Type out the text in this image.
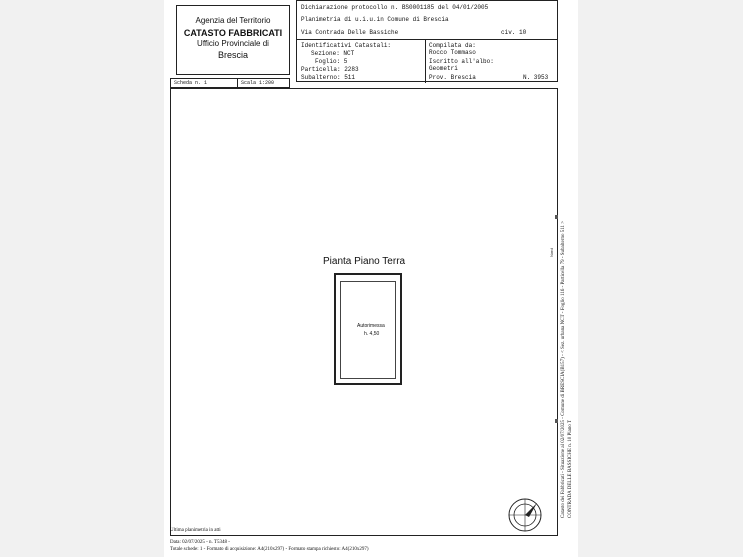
Agenzia del Territorio
CATASTO FABBRICATI
Ufficio Provinciale di
Brescia
Dichiarazione protocollo n. BS0001185 del 04/01/2005
Planimetria di u.i.u.in Comune di Brescia
Via Contrada Delle Bassiche	civ. 10
Identificativi Catastali:
Sezione: NCT
Foglio: 5
Particella: 2283
Subalterno: 511
Compilata da:
Rocco Tommaso
Iscritto all'albo:
Geometri
Prov. Brescia	N. 3953
Scheda n. 1	Scala 1:200
Pianta Piano Terra
Autorimessa
h. 4,50
Nord Catasto dei Fabbricati - Situazione al 02/07/2025 - Comune di BRESCIA(B157) - < Sez. urbana NCT - Foglio 116 - Particella 79 - Subalterno 511 > CONTRADA DELLE BASSICHE n. 10 Piano T
Ultima planimetria in atti
Data: 02/07/2025 - n. T5348 -
Totale schede: 1 - Formato di acquisizione: A4(210x297) - Formato stampa richiesto: A4(210x297)
